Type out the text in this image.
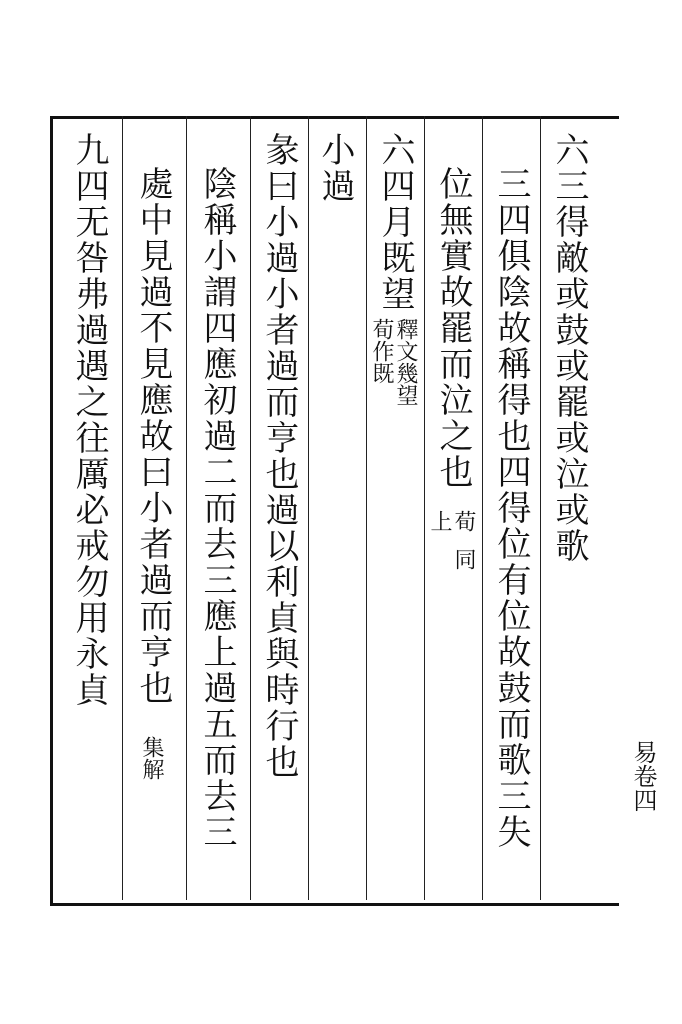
六三得敵或鼓或罷或泣或歌
三四俱陰故稱得也四得位有位故鼓而歌三失
位無實故罷而泣之也
荀
上
同
六四月既望
釋文幾望
荀作既
小過
彖曰小過小者過而亨也過以利貞與時行也
陰稱小謂四應初過二而去三應上過五而去三
處中見過不見應故曰小者過而亨也
集解
九四无咎弗過遇之往厲必戒勿用永貞
易卷四
